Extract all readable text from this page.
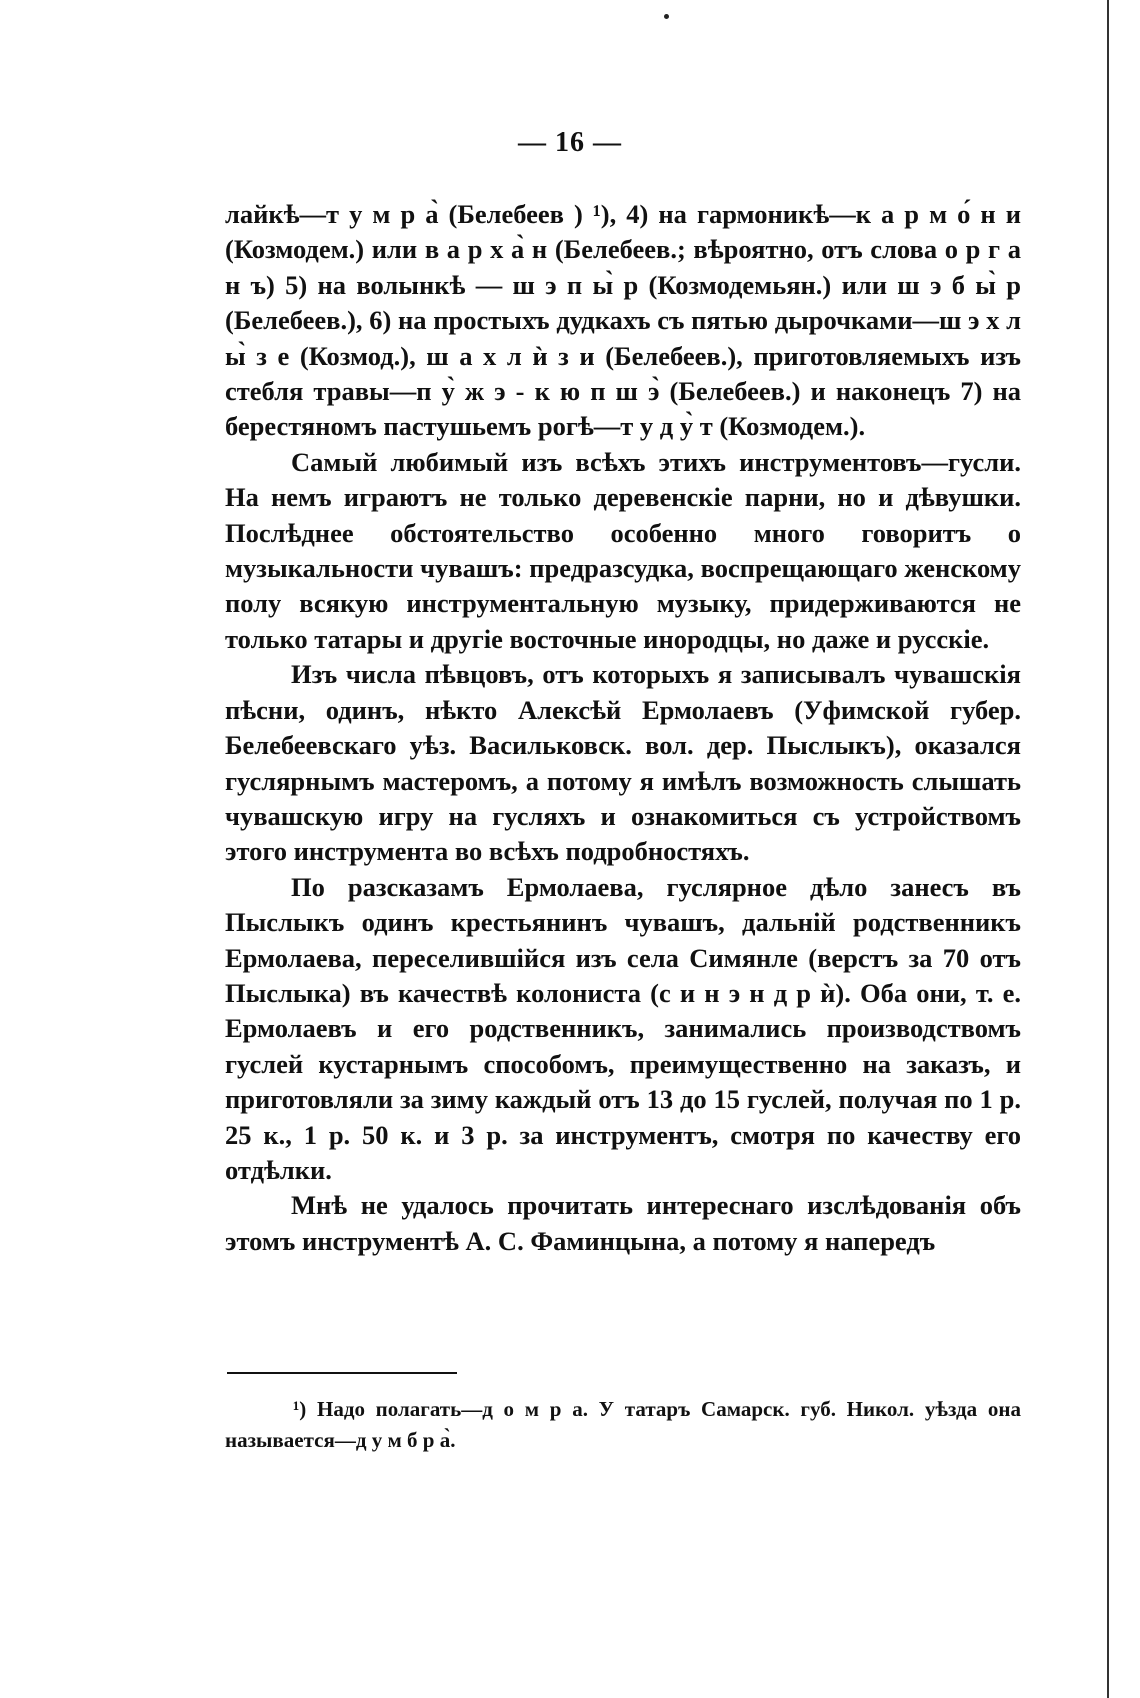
— 16 —

лайкѣ—т у м р а̀ (Белебеев ) ¹), 4) на гармоникѣ—к а р м о́ н и (Козмодем.) или в а р х а̀ н (Белебеев.; вѣроятно, отъ слова о р г а н ъ) 5) на волынкѣ — ш э п ы̀ р (Козмодемьян.) или ш э б ы̀ р (Белебеев.), 6) на простыхъ дудкахъ съ пятью дырочками—ш э х л ы̀ з е (Козмод.), ш а х л ѝ з и (Белебеев.), приготовляемыхъ изъ стебля травы—п у̀ ж э - к ю п ш э̀ (Белебеев.) и наконецъ 7) на берестяномъ пастушьемъ рогѣ—т у д у̀ т (Козмодем.).

Самый любимый изъ всѣхъ этихъ инструментовъ—гусли. На немъ играютъ не только деревенскіе парни, но и дѣвушки. Послѣднее обстоятельство особенно много говоритъ о музыкальности чувашъ: предразсудка, воспрещающаго женскому полу всякую инструментальную музыку, придерживаются не только татары и другіе восточные инородцы, но даже и русскіе.

Изъ числа пѣвцовъ, отъ которыхъ я записывалъ чувашскія пѣсни, одинъ, нѣкто Алексѣй Ермолаевъ (Уфимской губер. Белебеевскаго уѣз. Васильковск. вол. дер. Пыслыкъ), оказался гуслярнымъ мастеромъ, а потому я имѣлъ возможность слышать чувашскую игру на гусляхъ и ознакомиться съ устройствомъ этого инструмента во всѣхъ подробностяхъ.

По разсказамъ Ермолаева, гуслярное дѣло занесъ въ Пыслыкъ одинъ крестьянинъ чувашъ, дальній родственникъ Ермолаева, переселившійся изъ села Симянле (верстъ за 70 отъ Пыслыка) въ качествѣ колониста (с и н э н д р ѝ). Оба они, т. е. Ермолаевъ и его родственникъ, занимались производствомъ гуслей кустарнымъ способомъ, преимущественно на заказъ, и приготовляли за зиму каждый отъ 13 до 15 гуслей, получая по 1 р. 25 к., 1 р. 50 к. и 3 р. за инструментъ, смотря по качеству его отдѣлки.

Мнѣ не удалось прочитать интереснаго изслѣдованія объ этомъ инструментѣ А. С. Фаминцына, а потому я напередъ

¹) Надо полагать—д о м р а. У татаръ Самарск. губ. Никол. уѣзда она называется—д у м б р а̀.
